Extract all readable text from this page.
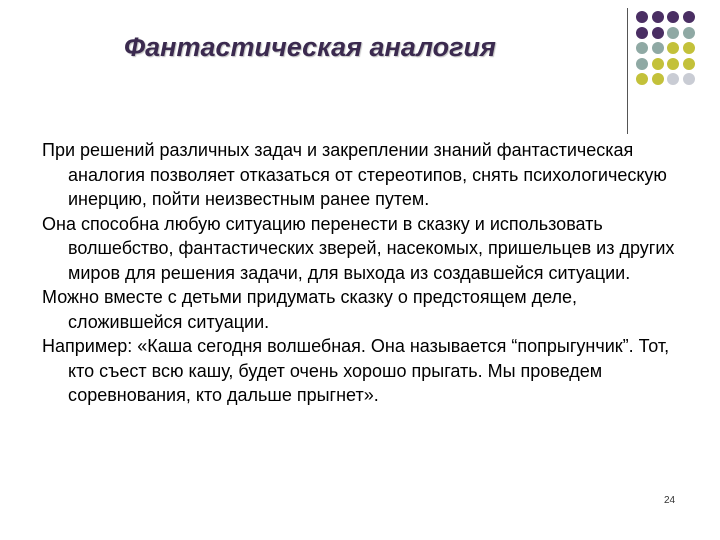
Фантастическая аналогия

При решений различных задач и закреплении знаний фантастическая аналогия позволяет отказаться от стереотипов, снять психологическую инерцию, пойти неизвестным ранее путем.

Она способна любую ситуацию перенести в сказку и использовать волшебство, фантастических зверей, насекомых, пришельцев из других миров для решения задачи, для выхода из создавшейся ситуации.

Можно вместе с детьми придумать сказку о предстоящем деле, сложившейся ситуации.

Например: «Каша сегодня волшебная. Она называется “попрыгунчик”. Тот, кто съест всю кашу, будет очень хорошо прыгать. Мы проведем соревнования, кто дальше прыгнет».

24
